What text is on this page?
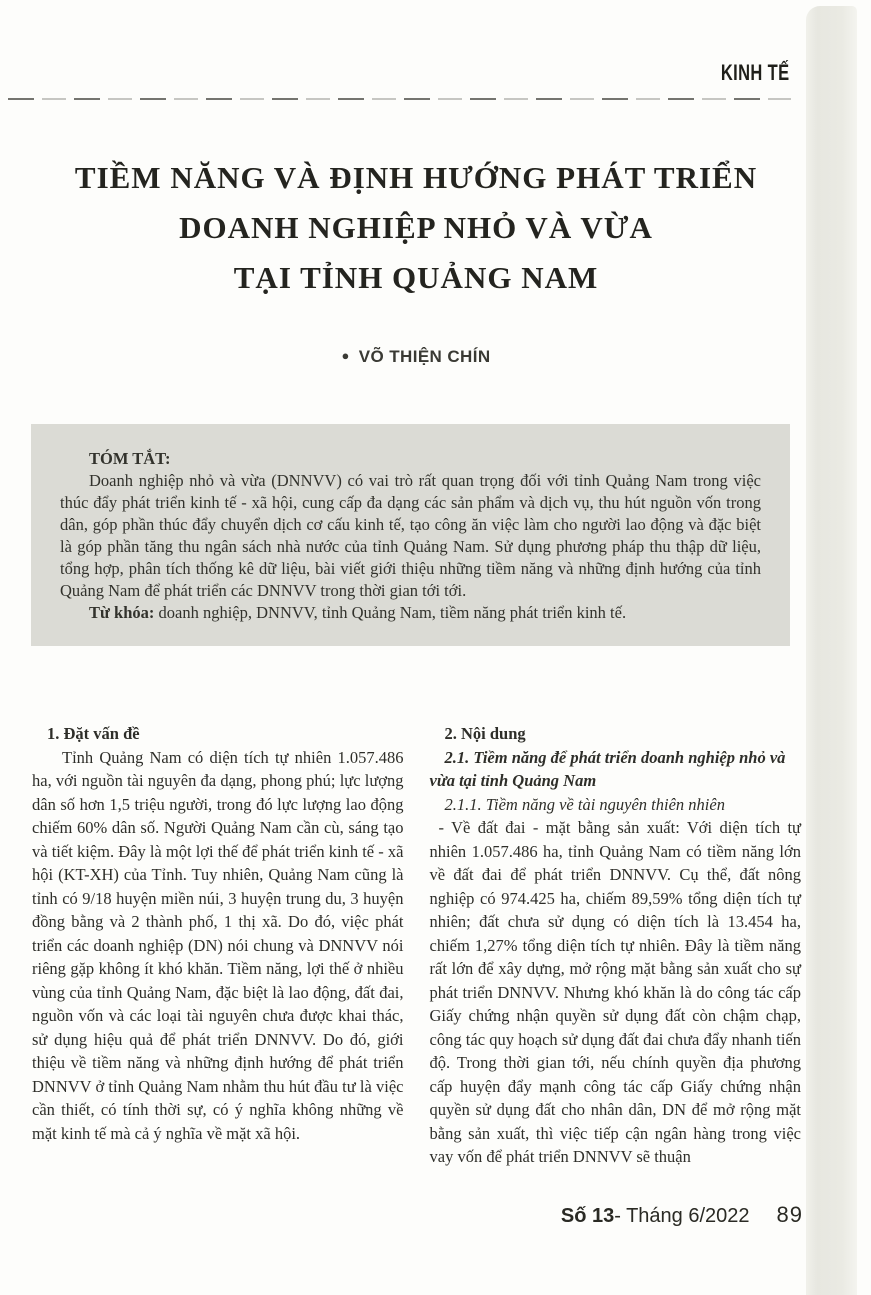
KINH TẾ
TIỀM NĂNG VÀ ĐỊNH HƯỚNG PHÁT TRIỂN
DOANH NGHIỆP NHỎ VÀ VỪA
TẠI TỈNH QUẢNG NAM
● VÕ THIỆN CHÍN

TÓM TẮT:

Doanh nghiệp nhỏ và vừa (DNNVV) có vai trò rất quan trọng đối với tỉnh Quảng Nam trong việc thúc đẩy phát triển kinh tế - xã hội, cung cấp đa dạng các sản phẩm và dịch vụ, thu hút nguồn vốn trong dân, góp phần thúc đẩy chuyển dịch cơ cấu kinh tế, tạo công ăn việc làm cho người lao động và đặc biệt là góp phần tăng thu ngân sách nhà nước của tỉnh Quảng Nam. Sử dụng phương pháp thu thập dữ liệu, tổng hợp, phân tích thống kê dữ liệu, bài viết giới thiệu những tiềm năng và những định hướng của tỉnh Quảng Nam để phát triển các DNNVV trong thời gian tới tới.

Từ khóa: doanh nghiệp, DNNVV, tỉnh Quảng Nam, tiềm năng phát triển kinh tế.

1. Đặt vấn đề

Tỉnh Quảng Nam có diện tích tự nhiên 1.057.486 ha, với nguồn tài nguyên đa dạng, phong phú; lực lượng dân số hơn 1,5 triệu người, trong đó lực lượng lao động chiếm 60% dân số. Người Quảng Nam cần cù, sáng tạo và tiết kiệm. Đây là một lợi thế để phát triển kinh tế - xã hội (KT-XH) của Tỉnh. Tuy nhiên, Quảng Nam cũng là tỉnh có 9/18 huyện miền núi, 3 huyện trung du, 3 huyện đồng bằng và 2 thành phố, 1 thị xã. Do đó, việc phát triển các doanh nghiệp (DN) nói chung và DNNVV nói riêng gặp không ít khó khăn. Tiềm năng, lợi thế ở nhiều vùng của tỉnh Quảng Nam, đặc biệt là lao động, đất đai, nguồn vốn và các loại tài nguyên chưa được khai thác, sử dụng hiệu quả để phát triển DNNVV. Do đó, giới thiệu về tiềm năng và những định hướng để phát triển DNNVV ở tỉnh Quảng Nam nhằm thu hút đầu tư là việc cần thiết, có tính thời sự, có ý nghĩa không những về mặt kinh tế mà cả ý nghĩa về mặt xã hội.

2. Nội dung

2.1. Tiềm năng để phát triển doanh nghiệp nhỏ và vừa tại tỉnh Quảng Nam

2.1.1. Tiềm năng về tài nguyên thiên nhiên

- Về đất đai - mặt bằng sản xuất: Với diện tích tự nhiên 1.057.486 ha, tỉnh Quảng Nam có tiềm năng lớn về đất đai để phát triển DNNVV. Cụ thể, đất nông nghiệp có 974.425 ha, chiếm 89,59% tổng diện tích tự nhiên; đất chưa sử dụng có diện tích là 13.454 ha, chiếm 1,27% tổng diện tích tự nhiên. Đây là tiềm năng rất lớn để xây dựng, mở rộng mặt bằng sản xuất cho sự phát triển DNNVV. Nhưng khó khăn là do công tác cấp Giấy chứng nhận quyền sử dụng đất còn chậm chạp, công tác quy hoạch sử dụng đất đai chưa đẩy nhanh tiến độ. Trong thời gian tới, nếu chính quyền địa phương cấp huyện đẩy mạnh công tác cấp Giấy chứng nhận quyền sử dụng đất cho nhân dân, DN để mở rộng mặt bằng sản xuất, thì việc tiếp cận ngân hàng trong việc vay vốn để phát triển DNNVV sẽ thuận

Số 13 - Tháng 6/2022 89
